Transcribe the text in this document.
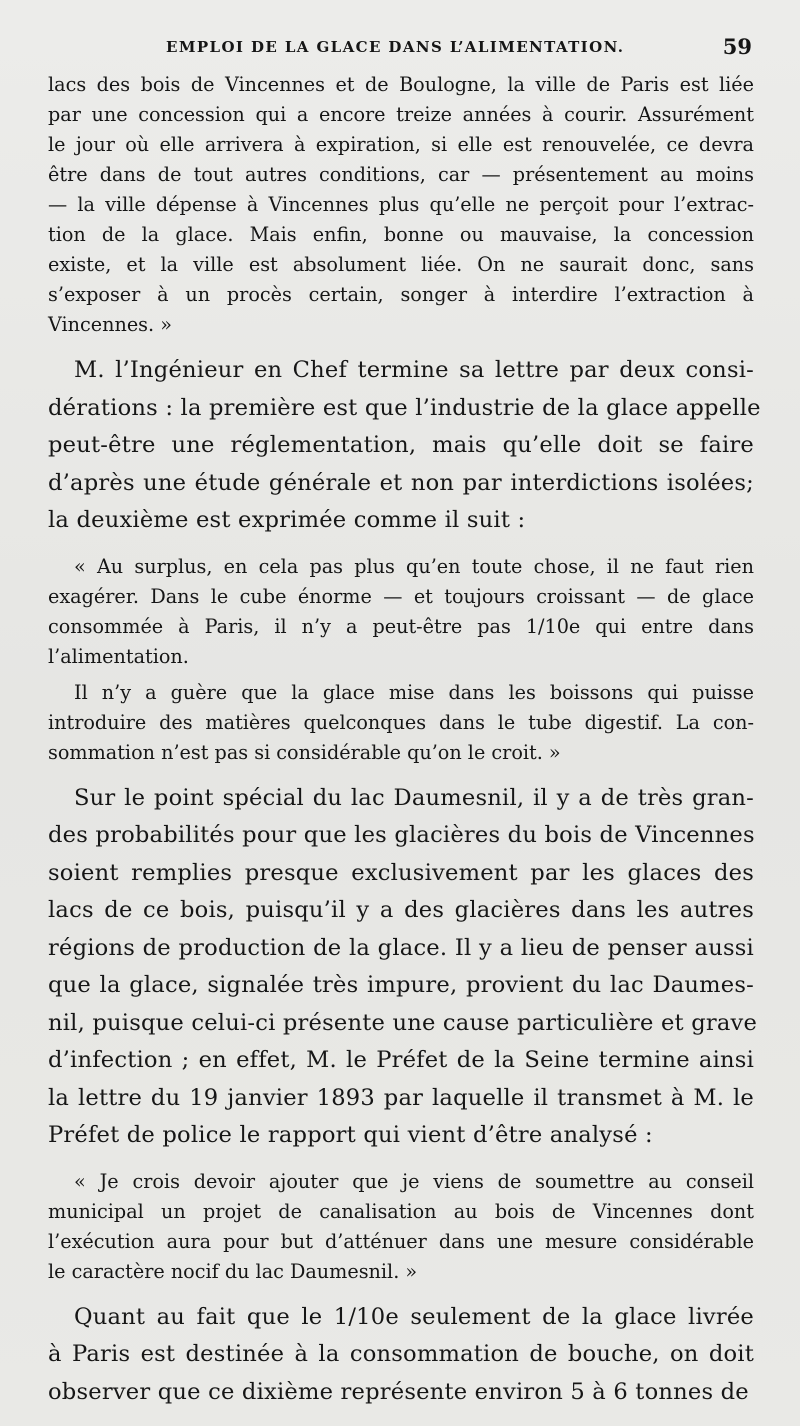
EMPLOI DE LA GLACE DANS L’ALIMENTATION.	59

lacs des bois de Vincennes et de Boulogne, la ville de Paris est liée
par une concession qui a encore treize années à courir. Assurément
le jour où elle arrivera à expiration, si elle est renouvelée, ce devra
être dans de tout autres conditions, car — présentement au moins
— la ville dépense à Vincennes plus qu’elle ne perçoit pour l’extrac-
tion de la glace. Mais enfin, bonne ou mauvaise, la concession
existe, et la ville est absolument liée. On ne saurait donc, sans
s’exposer à un procès certain, songer à interdire l’extraction à
Vincennes. »

M. l’Ingénieur en Chef termine sa lettre par deux consi-
dérations : la première est que l’industrie de la glace appelle
peut-être une réglementation, mais qu’elle doit se faire
d’après une étude générale et non par interdictions isolées;
la deuxième est exprimée comme il suit :

« Au surplus, en cela pas plus qu’en toute chose, il ne faut rien
exagérer. Dans le cube énorme — et toujours croissant — de glace
consommée à Paris, il n’y a peut-être pas 1/10e qui entre dans
l’alimentation.

Il n’y a guère que la glace mise dans les boissons qui puisse
introduire des matières quelconques dans le tube digestif. La con-
sommation n’est pas si considérable qu’on le croit. »

Sur le point spécial du lac Daumesnil, il y a de très gran-
des probabilités pour que les glacières du bois de Vincennes
soient remplies presque exclusivement par les glaces des
lacs de ce bois, puisqu’il y a des glacières dans les autres
régions de production de la glace. Il y a lieu de penser aussi
que la glace, signalée très impure, provient du lac Daumes-
nil, puisque celui-ci présente une cause particulière et grave
d’infection ; en effet, M. le Préfet de la Seine termine ainsi
la lettre du 19 janvier 1893 par laquelle il transmet à M. le
Préfet de police le rapport qui vient d’être analysé :

« Je crois devoir ajouter que je viens de soumettre au conseil
municipal un projet de canalisation au bois de Vincennes dont
l’exécution aura pour but d’atténuer dans une mesure considérable
le caractère nocif du lac Daumesnil. »

Quant au fait que le 1/10e seulement de la glace livrée
à Paris est destinée à la consommation de bouche, on doit
observer que ce dixième représente environ 5 à 6 tonnes de
